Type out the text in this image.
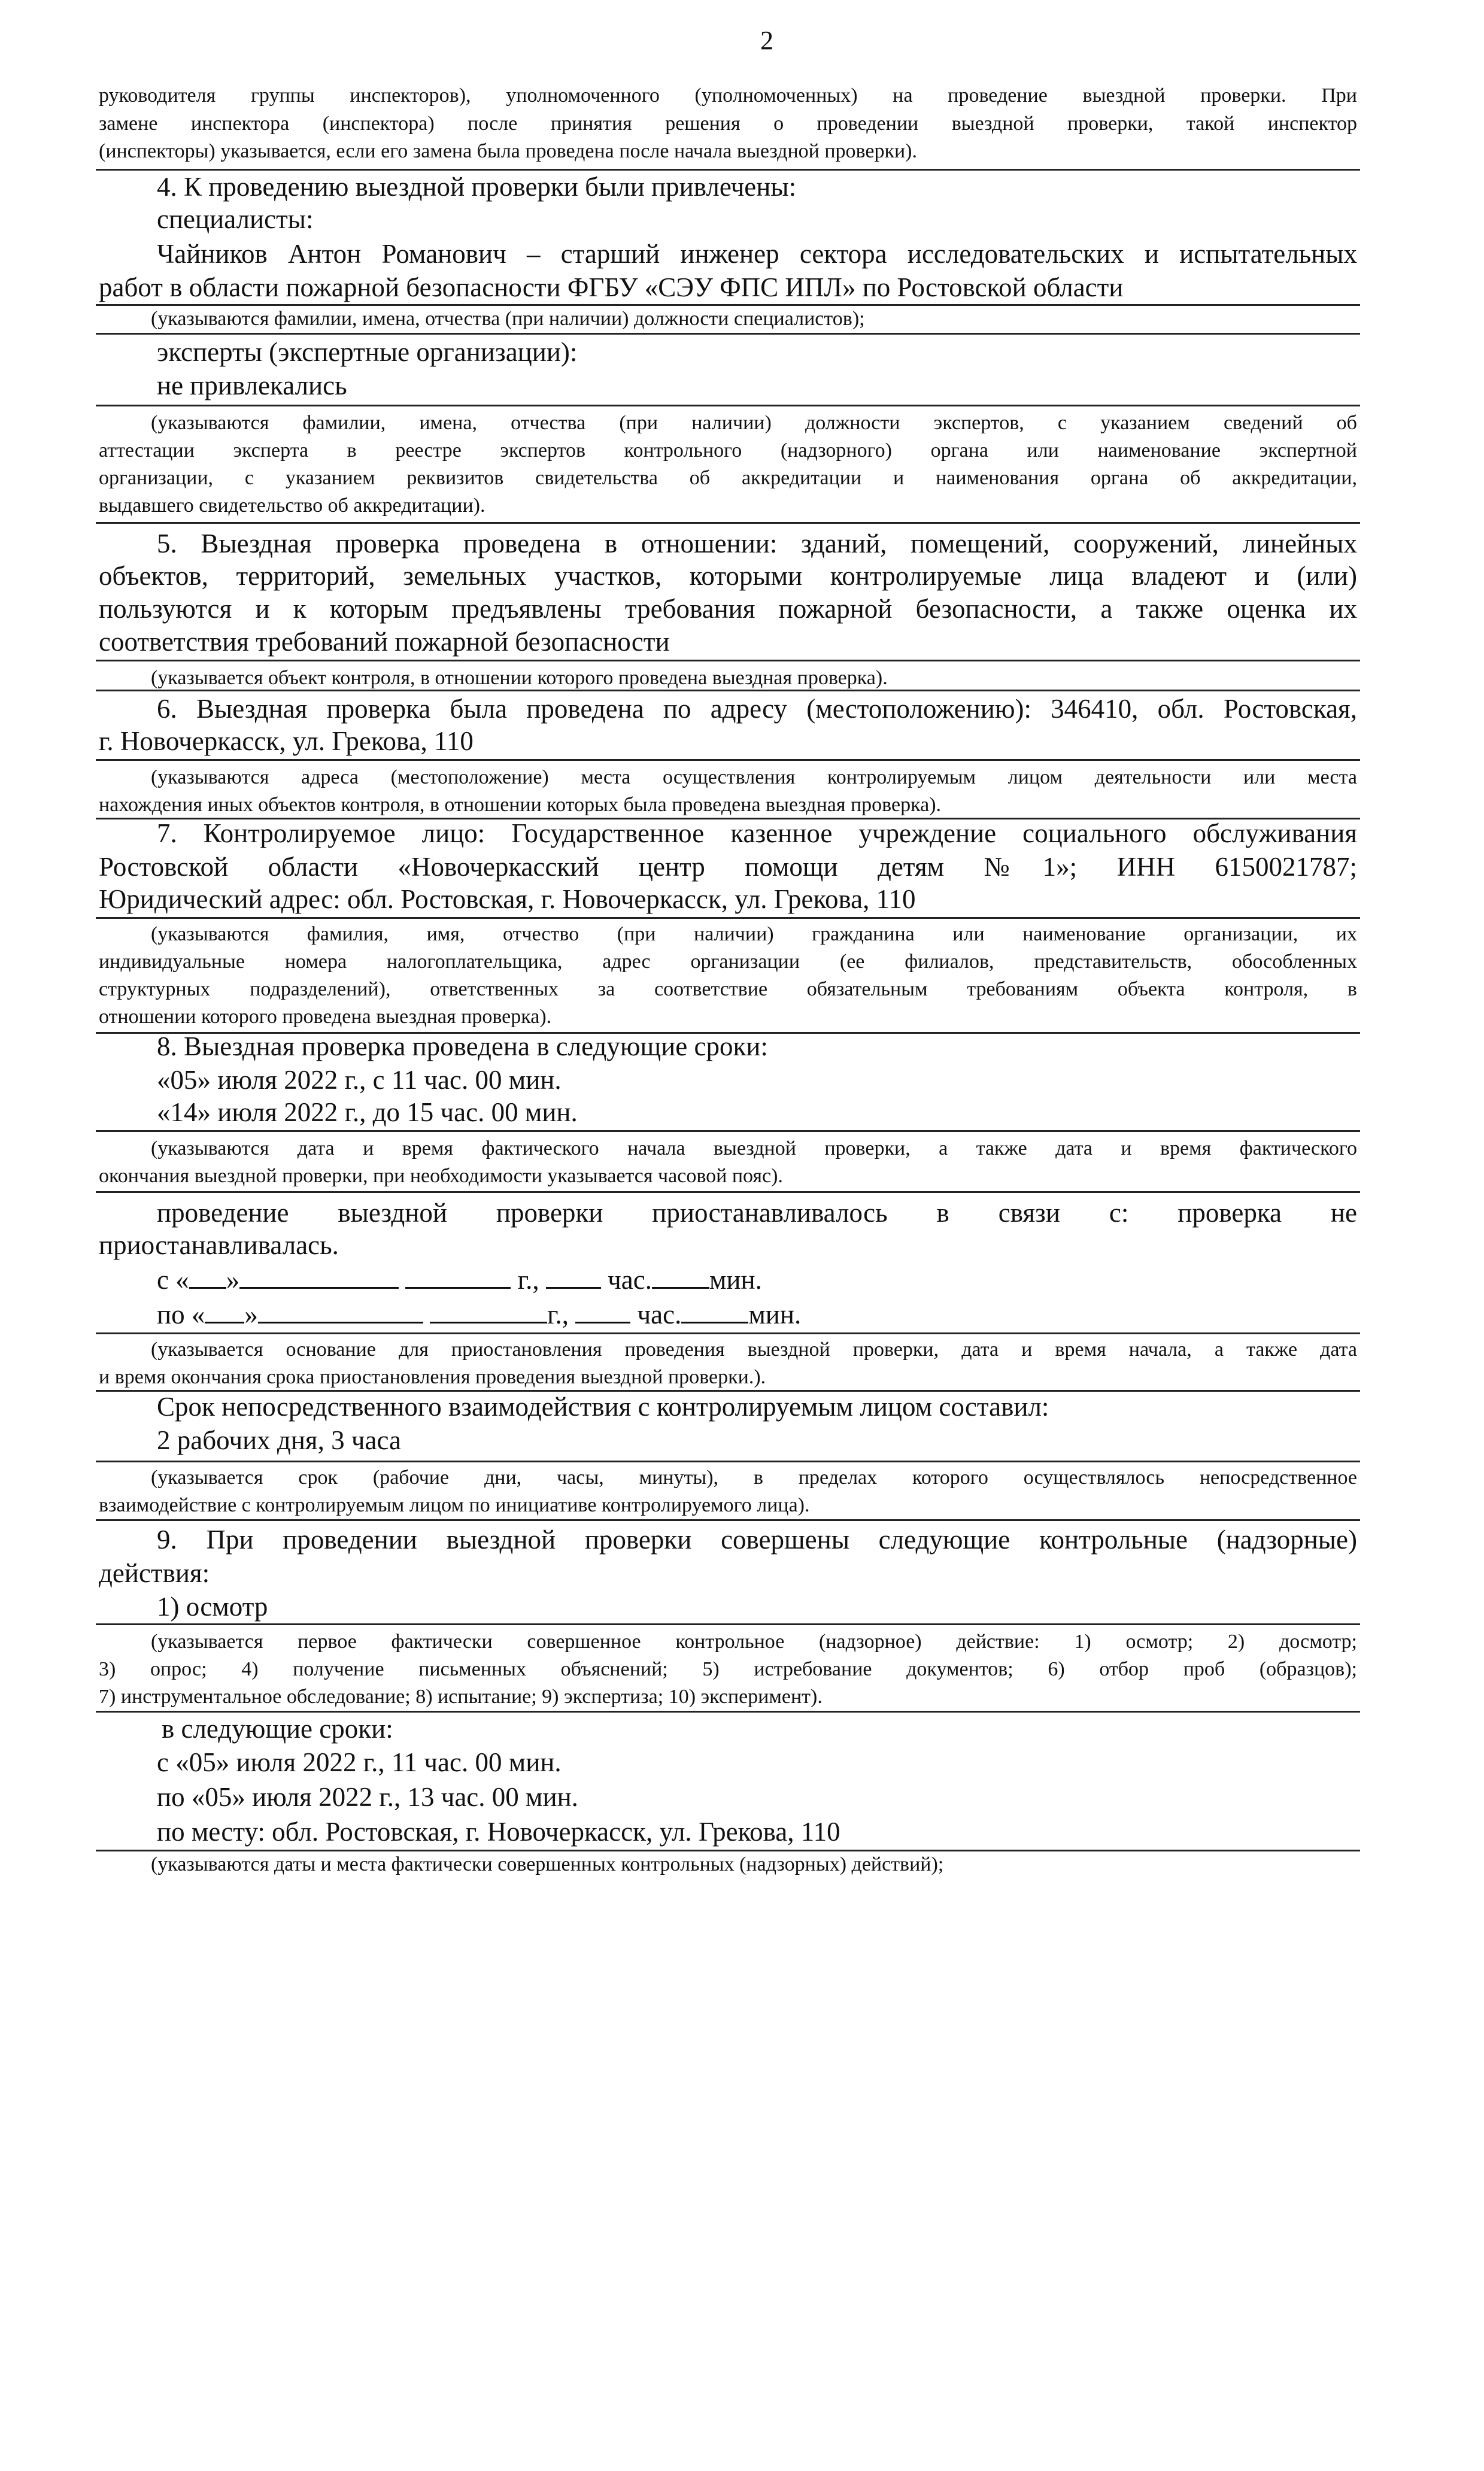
2
руководителя группы инспекторов), уполномоченного (уполномоченных) на проведение выездной проверки. При
замене инспектора (инспектора) после принятия решения о проведении выездной проверки, такой инспектор
(инспекторы) указывается, если его замена была проведена после начала выездной проверки).
4. К проведению выездной проверки были привлечены:
специалисты:
Чайников Антон Романович – старший инженер сектора исследовательских и испытательных
работ в области пожарной безопасности ФГБУ «СЭУ ФПС ИПЛ» по Ростовской области
(указываются фамилии, имена, отчества (при наличии) должности специалистов);
эксперты (экспертные организации):
не привлекались
(указываются фамилии, имена, отчества (при наличии) должности экспертов, с указанием сведений об
аттестации эксперта в реестре экспертов контрольного (надзорного) органа или наименование экспертной
организации, с указанием реквизитов свидетельства об аккредитации и наименования органа об аккредитации,
выдавшего свидетельство об аккредитации).
5. Выездная проверка проведена в отношении: зданий, помещений, сооружений, линейных
объектов, территорий, земельных участков, которыми контролируемые лица владеют и (или)
пользуются и к которым предъявлены требования пожарной безопасности, а также оценка их
соответствия требований пожарной безопасности
(указывается объект контроля, в отношении которого проведена выездная проверка).
6. Выездная проверка была проведена по адресу (местоположению): 346410, обл. Ростовская,
г. Новочеркасск, ул. Грекова, 110
(указываются адреса (местоположение) места осуществления контролируемым лицом деятельности или места
нахождения иных объектов контроля, в отношении которых была проведена выездная проверка).
7. Контролируемое лицо: Государственное казенное учреждение социального обслуживания
Ростовской области «Новочеркасский центр помощи детям №1»; ИНН 6150021787;
Юридический адрес: обл. Ростовская, г. Новочеркасск, ул. Грекова, 110
(указываются фамилия, имя, отчество (при наличии) гражданина или наименование организации, их
индивидуальные номера налогоплательщика, адрес организации (ее филиалов, представительств, обособленных
структурных подразделений), ответственных за соответствие обязательным требованиям объекта контроля, в
отношении которого проведена выездная проверка).
8. Выездная проверка проведена в следующие сроки:
«05» июля 2022 г., с 11 час. 00 мин.
«14» июля 2022 г., до 15 час. 00 мин.
(указываются дата и время фактического начала выездной проверки, а также дата и время фактического
окончания выездной проверки, при необходимости указывается часовой пояс).
проведение выездной проверки приостанавливалось в связи с: проверка не
приостанавливалась.
с « »	г.,	час. мин.
по « »	г.,	час. мин.
(указывается основание для приостановления проведения выездной проверки, дата и время начала, а также дата
и время окончания срока приостановления проведения выездной проверки.).
Срок непосредственного взаимодействия с контролируемым лицом составил:
2 рабочих дня, 3 часа
(указывается срок (рабочие дни, часы, минуты), в пределах которого осуществлялось непосредственное
взаимодействие с контролируемым лицом по инициативе контролируемого лица).
9. При проведении выездной проверки совершены следующие контрольные (надзорные)
действия:
1) осмотр
(указывается первое фактически совершенное контрольное (надзорное) действие: 1) осмотр; 2) досмотр;
3) опрос; 4) получение письменных объяснений; 5) истребование документов; 6) отбор проб (образцов);
7) инструментальное обследование; 8) испытание; 9) экспертиза; 10) эксперимент).
в следующие сроки:
с «05» июля 2022 г., 11 час. 00 мин.
по «05» июля 2022 г., 13 час. 00 мин.
по месту: обл. Ростовская, г. Новочеркасск, ул. Грекова, 110
(указываются даты и места фактически совершенных контрольных (надзорных) действий);
